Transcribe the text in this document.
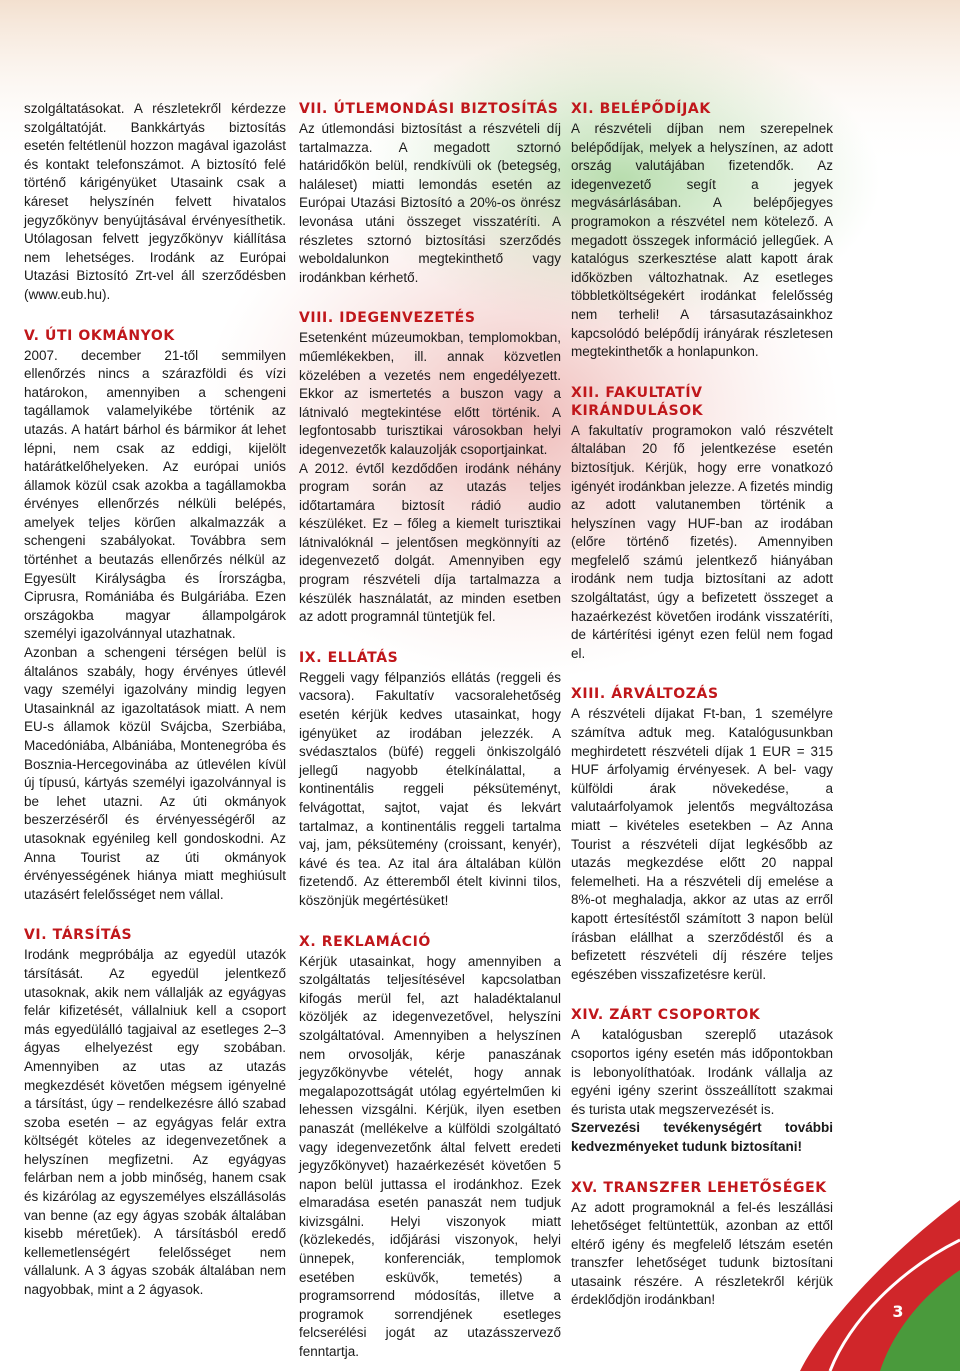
szolgáltatásokat. A részletekről kérdezze szolgáltatóját. Bankkártyás biztosítás esetén feltétlenül hozzon magával igazolást és kontakt telefonszámot. A biztosító felé történő kárigényüket Utasaink csak a káreset helyszínén felvett hivatalos jegyzőkönyv benyújtásával érvényesíthetik. Utólagosan felvett jegyzőkönyv kiállítása nem lehetséges. Irodánk az Európai Utazási Biztosító Zrt-vel áll szerződésben (www.eub.hu).

V. ÚTI OKMÁNYOK

2007. december 21-től semmilyen ellenőrzés nincs a szárazföldi és vízi határokon, amennyiben a schengeni tagállamok valamelyikébe történik az utazás. A határt bárhol és bármikor át lehet lépni, nem csak az eddigi, kijelölt határátkelőhelyeken. Az európai uniós államok közül csak azokba a tagállamokba érvényes ellenőrzés nélküli belépés, amelyek teljes körűen alkalmazzák a schengeni szabályokat. Továbbra sem történhet a beutazás ellenőrzés nélkül az Egyesült Királyságba és Írországba, Ciprusra, Romániába és Bulgáriába. Ezen országokba magyar állampolgárok személyi igazolvánnyal utazhatnak.

Azonban a schengeni térségen belül is általános szabály, hogy érvényes útlevél vagy személyi igazolvány mindig legyen Utasainknál az igazoltatások miatt. A nem EU-s államok közül Svájcba, Szerbiába, Macedóniába, Albániába, Montenegróba és Bosznia-Hercegovinába az útlevélen kívül új típusú, kártyás személyi igazolvánnyal is be lehet utazni. Az úti okmányok beszerzéséről és érvényességéről az utasoknak egyénileg kell gondoskodni. Az Anna Tourist az úti okmányok érvényességének hiánya miatt meghiúsult utazásért felelősséget nem vállal.

VI. TÁRSÍTÁS

Irodánk megpróbálja az egyedül utazók társítását. Az egyedül jelentkező utasoknak, akik nem vállalják az egyágyas felár kifizetését, vállalniuk kell a csoport más egyedülálló tagjaival az esetleges 2–3 ágyas elhelyezést egy szobában. Amennyiben az utas az utazás megkezdését követően mégsem igényelné a társítást, úgy – rendelkezésre álló szabad szoba esetén – az egyágyas felár extra költségét köteles az idegenvezetőnek a helyszínen megfizetni. Az egyágyas felárban nem a jobb minőség, hanem csak és kizárólag az egyszemélyes elszállásolás van benne (az egy ágyas szobák általában kisebb méretűek). A társításból eredő kellemetlenségért felelősséget nem vállalunk. A 3 ágyas szobák általában nem nagyobbak, mint a 2 ágyasok.

VII. ÚTLEMONDÁSI BIZTOSÍTÁS

Az útlemondási biztosítást a részvételi díj tartalmazza. A megadott sztornó határidőkön belül, rendkívüli ok (betegség, haláleset) miatti lemondás esetén az Európai Utazási Biztosító a 20%-os önrész levonása utáni összeget visszatéríti. A részletes sztornó biztosítási szerződés weboldalunkon megtekinthető vagy irodánkban kérhető.

VIII. IDEGENVEZETÉS

Esetenként múzeumokban, templomokban, műemlékekben, ill. annak közvetlen közelében a vezetés nem engedélyezett. Ekkor az ismertetés a buszon vagy a látnivaló megtekintése előtt történik. A legfontosabb turisztikai városokban helyi idegenvezetők kalauzolják csoportjainkat.

A 2012. évtől kezdődően irodánk néhány program során az utazás teljes időtartamára biztosít rádió audio készüléket. Ez – főleg a kiemelt turisztikai látnivalóknál – jelentősen megkönnyíti az idegenvezető dolgát. Amennyiben egy program részvételi díja tartalmazza a készülék használatát, az minden esetben az adott programnál tüntetjük fel.

IX. ELLÁTÁS

Reggeli vagy félpanziós ellátás (reggeli és vacsora). Fakultatív vacsoralehetőség esetén kérjük kedves utasainkat, hogy igényüket az irodában jelezzék. A svédasztalos (büfé) reggeli önkiszolgáló jellegű nagyobb ételkínálattal, a kontinentális reggeli péksüteményt, felvágottat, sajtot, vajat és lekvárt tartalmaz, a kontinentális reggeli tartalma vaj, jam, péksütemény (croissant, kenyér), kávé és tea. Az ital ára általában külön fizetendő. Az étteremből ételt kivinni tilos, köszönjük megértésüket!

X. REKLAMÁCIÓ

Kérjük utasainkat, hogy amennyiben a szolgáltatás teljesítésével kapcsolatban kifogás merül fel, azt haladéktalanul közöljék az idegenvezetővel, helyszíni szolgáltatóval. Amennyiben a helyszínen nem orvosolják, kérje panaszának jegyzőkönyvbe vételét, hogy annak megalapozottságát utólag egyértelműen ki lehessen vizsgálni. Kérjük, ilyen esetben panaszát (mellékelve a külföldi szolgáltató vagy idegenvezetőnk által felvett eredeti jegyzőkönyvet) hazaérkezését követően 5 napon belül juttassa el irodánkhoz. Ezek elmaradása esetén panaszát nem tudjuk kivizsgálni. Helyi viszonyok miatt (közlekedés, időjárási viszonyok, helyi ünnepek, konferenciák, templomok esetében esküvők, temetés) a programsorrend módosítás, illetve a programok sorrendjének esetleges felcserélési jogát az utazásszervező fenntartja.

XI. BELÉPŐDÍJAK

A részvételi díjban nem szerepelnek belépődíjak, melyek a helyszínen, az adott ország valutájában fizetendők. Az idegenvezető segít a jegyek megvásárlásában. A belépőjegyes programokon a részvétel nem kötelező. A megadott összegek információ jellegűek. A katalógus szerkesztése alatt kapott árak időközben változhatnak. Az esetleges többletköltségekért irodánkat felelősség nem terheli! A társasutazásainkhoz kapcsolódó belépődíj irányárak részletesen megtekinthetők a honlapunkon.

XII. FAKULTATÍV KIRÁNDULÁSOK

A fakultatív programokon való részvételt általában 20 fő jelentkezése esetén biztosítjuk. Kérjük, hogy erre vonatkozó igényét irodánkban jelezze. A fizetés mindig az adott valutanemben történik a helyszínen vagy HUF-ban az irodában (előre történő fizetés). Amennyiben megfelelő számú jelentkező hiányában irodánk nem tudja biztosítani az adott szolgáltatást, úgy a befizetett összeget a hazaérkezést követően irodánk visszatéríti, de kártérítési igényt ezen felül nem fogad el.

XIII. ÁRVÁLTOZÁS

A részvételi díjakat Ft-ban, 1 személyre számítva adtuk meg. Katalógusunkban meghirdetett részvételi díjak 1 EUR = 315 HUF árfolyamig érvényesek. A bel- vagy külföldi árak növekedése, a valutaárfolyamok jelentős megváltozása miatt – kivételes esetekben – Az Anna Tourist a részvételi díjat legkésőbb az utazás megkezdése előtt 20 nappal felemelheti. Ha a részvételi díj emelése a 8%-ot meghaladja, akkor az utas az erről kapott értesítéstől számított 3 napon belül írásban elállhat a szerződéstől és a befizetett részvételi díj részére teljes egészében visszafizetésre kerül.

XIV. ZÁRT CSOPORTOK

A katalógusban szereplő utazások csoportos igény esetén más időpontokban is lebonyolíthatóak. Irodánk vállalja az egyéni igény szerint összeállított szakmai és turista utak megszervezését is.

Szervezési tevékenységért további kedvezményeket tudunk biztosítani!

XV. TRANSZFER LEHETŐSÉGEK

Az adott programoknál a fel-és leszállási lehetőséget feltüntettük, azonban az ettől eltérő igény és megfelelő létszám esetén transzfer lehetőséget tudunk biztosítani utasaink részére. A részletekről kérjük érdeklődjön irodánkban!

3
